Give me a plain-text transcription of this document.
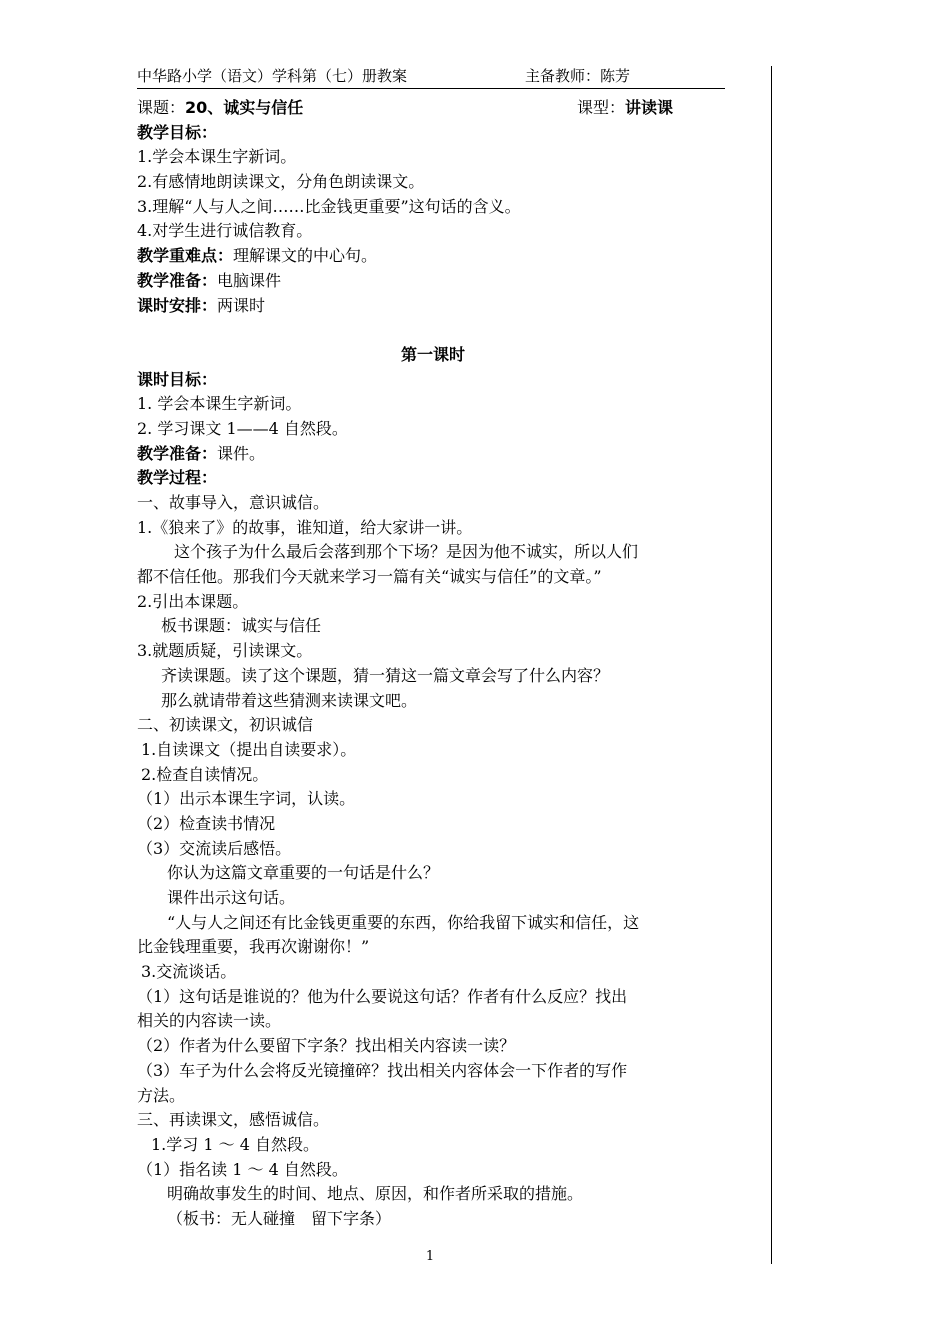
中华路小学（语文）学科第（七）册教案	主备教师：陈芳
课题：20、诚实与信任	课型：讲读课
教学目标：
1.学会本课生字新词。
2.有感情地朗读课文，分角色朗读课文。
3.理解“人与人之间……比金钱更重要”这句话的含义。
4.对学生进行诚信教育。
教学重难点：理解课文的中心句。
教学准备：电脑课件
课时安排：两课时
第一课时
课时目标：
1. 学会本课生字新词。
2. 学习课文 1——4 自然段。
教学准备：课件。
教学过程：
一、故事导入，意识诚信。
1.《狼来了》的故事，谁知道，给大家讲一讲。
这个孩子为什么最后会落到那个下场？是因为他不诚实，所以人们
都不信任他。那我们今天就来学习一篇有关“诚实与信任”的文章。”
2.引出本课题。
板书课题：诚实与信任
3.就题质疑，引读课文。
齐读课题。读了这个课题，猜一猜这一篇文章会写了什么内容？
那么就请带着这些猜测来读课文吧。
二、初读课文，初识诚信
1.自读课文（提出自读要求）。
2.检查自读情况。
（1）出示本课生字词，认读。
（2）检查读书情况
（3）交流读后感悟。
你认为这篇文章重要的一句话是什么？
课件出示这句话。
“人与人之间还有比金钱更重要的东西，你给我留下诚实和信任，这
比金钱理重要，我再次谢谢你！”
3.交流谈话。
（1）这句话是谁说的？他为什么要说这句话？作者有什么反应？找出
相关的内容读一读。
（2）作者为什么要留下字条？找出相关内容读一读？
（3）车子为什么会将反光镜撞碎？找出相关内容体会一下作者的写作
方法。
三、再读课文，感悟诚信。
1.学习 1 ～ 4 自然段。
（1）指名读 1 ～ 4 自然段。
明确故事发生的时间、地点、原因，和作者所采取的措施。
（板书：无人碰撞　留下字条）
1
